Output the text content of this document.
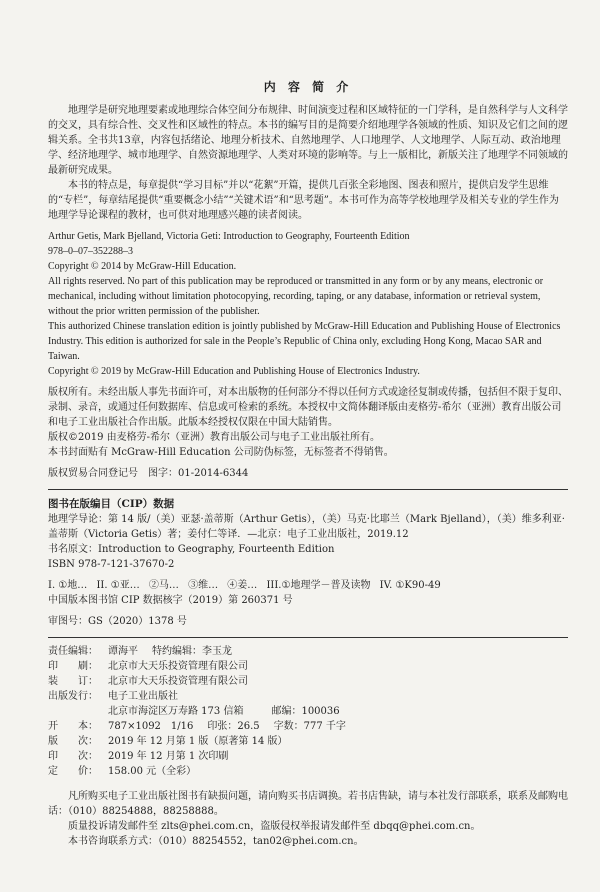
内 容 简 介

地理学是研究地理要素或地理综合体空间分布规律、时间演变过程和区域特征的一门学科，是自然科学与人文科学的交叉，具有综合性、交叉性和区域性的特点。本书的编写目的是简要介绍地理学各领域的性质、知识及它们之间的逻辑关系。全书共13章，内容包括绪论、地理分析技术、自然地理学、人口地理学、人文地理学、人际互动、政治地理学、经济地理学、城市地理学、自然资源地理学、人类对环境的影响等。与上一版相比，新版关注了地理学不同领域的最新研究成果。

本书的特点是，每章提供“学习目标”并以“花絮”开篇，提供几百张全彩地图、图表和照片，提供启发学生思维的“专栏”，每章结尾提供“重要概念小结”“关键术语”和“思考题”。本书可作为高等学校地理学及相关专业的学生作为地理学导论课程的教材，也可供对地理感兴趣的读者阅读。

Arthur Getis, Mark Bjelland, Victoria Geti: Introduction to Geography, Fourteenth Edition

978–0–07–352288–3

Copyright © 2014 by McGraw-Hill Education.

All rights reserved. No part of this publication may be reproduced or transmitted in any form or by any means, electronic or mechanical, including without limitation photocopying, recording, taping, or any database, information or retrieval system, without the prior written permission of the publisher.

This authorized Chinese translation edition is jointly published by McGraw-Hill Education and Publishing House of Electronics Industry. This edition is authorized for sale in the People’s Republic of China only, excluding Hong Kong, Macao SAR and Taiwan.

Copyright © 2019 by McGraw-Hill Education and Publishing House of Electronics Industry.

版权所有。未经出版人事先书面许可，对本出版物的任何部分不得以任何方式或途径复制或传播，包括但不限于复印、录制、录音，或通过任何数据库、信息或可检索的系统。本授权中文简体翻译版由麦格劳-希尔（亚洲）教育出版公司和电子工业出版社合作出版。此版本经授权仅限在中国大陆销售。

版权©2019 由麦格劳-希尔（亚洲）教育出版公司与电子工业出版社所有。

本书封面贴有 McGraw-Hill Education 公司防伪标签，无标签者不得销售。

版权贸易合同登记号　图字：01-2014-6344

图书在版编目（CIP）数据

地理学导论：第 14 版/（美）亚瑟·盖蒂斯（Arthur Getis），（美）马克·比耶兰（Mark Bjelland），（美）维多利亚·盖蒂斯（Victoria Getis）著；姜付仁等译．—北京：电子工业出版社，2019.12

书名原文：Introduction to Geography, Fourteenth Edition

ISBN 978-7-121-37670-2

I. ①地… II. ①亚… ②马… ③维… ④姜… III.①地理学－普及读物 IV. ①K90-49

中国版本图书馆 CIP 数据核字（2019）第 260371 号

审图号：GS（2020）1378 号

责任编辑： 谭海平 特约编辑：李玉龙

印　　刷： 北京市大天乐投资管理有限公司

装　　订： 北京市大天乐投资管理有限公司

出版发行： 电子工业出版社

北京市海淀区万寿路 173 信箱	邮编：100036

开　　本： 787×1092　1/16 印张：26.5 字数：777 千字

版　　次： 2019 年 12 月第 1 版（原著第 14 版）

印　　次： 2019 年 12 月第 1 次印刷

定　　价： 158.00 元（全彩）

凡所购买电子工业出版社图书有缺损问题，请向购买书店调换。若书店售缺，请与本社发行部联系，联系及邮购电话：（010）88254888，88258888。

质量投诉请发邮件至 zlts@phei.com.cn，盗版侵权举报请发邮件至 dbqq@phei.com.cn。

本书咨询联系方式：（010）88254552，tan02@phei.com.cn。
